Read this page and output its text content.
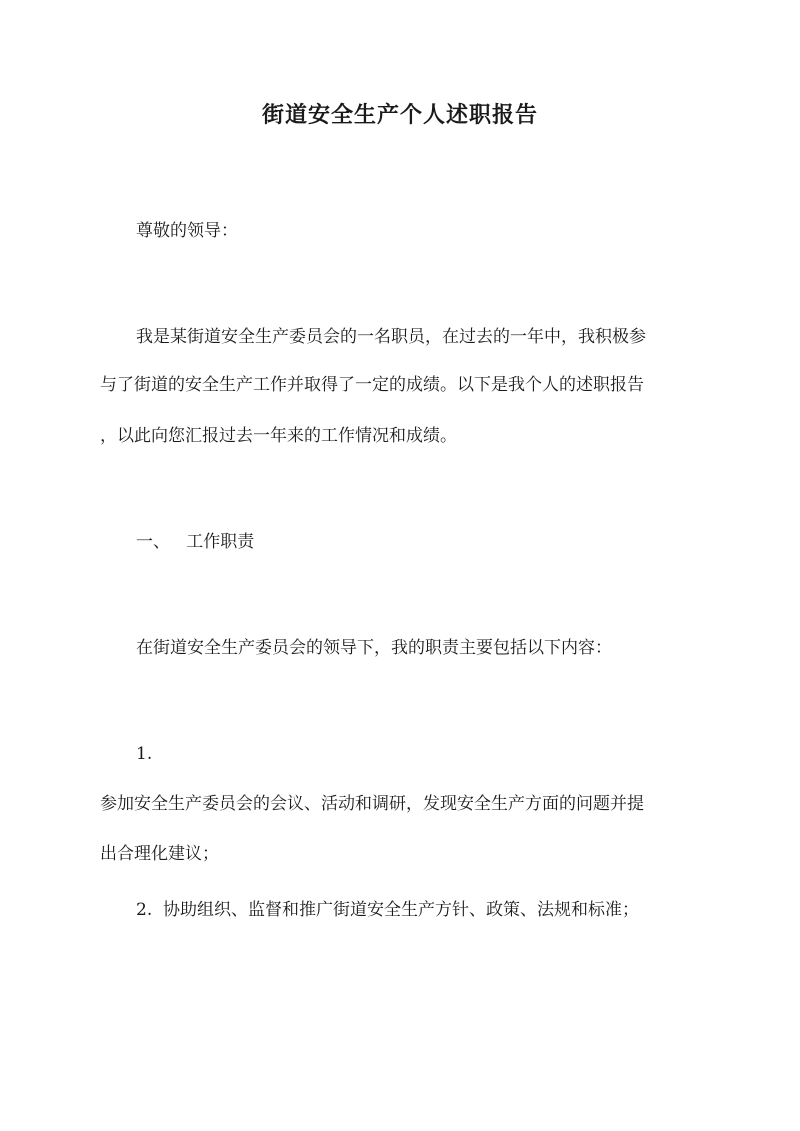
街道安全生产个人述职报告
尊敬的领导：
我是某街道安全生产委员会的一名职员，在过去的一年中，我积极参
与了街道的安全生产工作并取得了一定的成绩。以下是我个人的述职报告
，以此向您汇报过去一年来的工作情况和成绩。
一、   工作职责
在街道安全生产委员会的领导下，我的职责主要包括以下内容：
1.
参加安全生产委员会的会议、活动和调研，发现安全生产方面的问题并提
出合理化建议；
2.  协助组织、监督和推广街道安全生产方针、政策、法规和标准；
